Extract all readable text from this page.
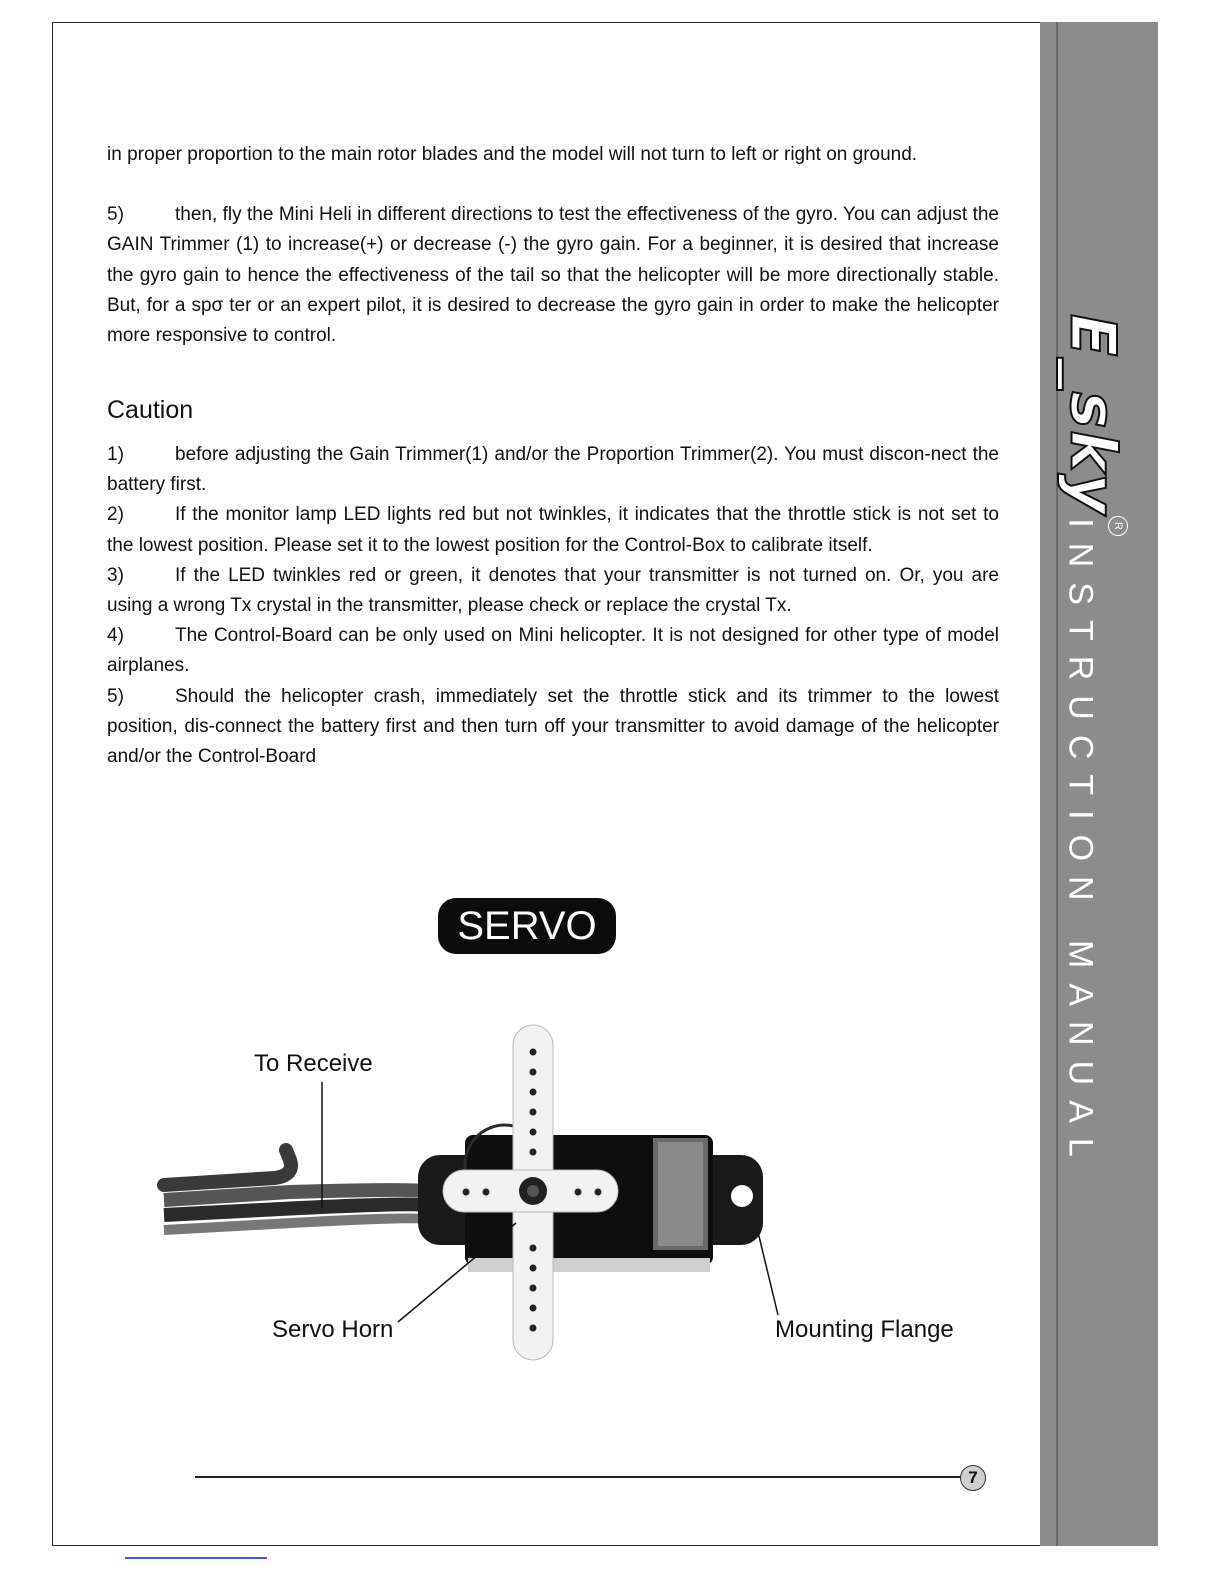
E_sky
R
INSTRUCTION MANUAL

in proper proportion to the main rotor blades and the model will not turn to left or right on ground.

5)	then, fly the Mini Heli in different directions to test the effectiveness of the gyro. You can adjust the GAIN Trimmer (1) to increase(+) or decrease (-) the gyro gain. For a beginner, it is desired that increase the gyro gain to hence the effectiveness of the tail so that the helicopter will be more directionally stable. But, for a spσ ter or an expert pilot, it is desired to decrease the gyro gain in order to make the helicopter more responsive to control.

Caution

1)	before adjusting the Gain Trimmer(1) and/or the Proportion Trimmer(2). You must discon-nect the battery first.

2)	If the monitor lamp LED lights red but not twinkles, it indicates that the throttle stick is not set to the lowest position. Please set it to the lowest position for the Control-Box to calibrate itself.

3)	If the LED twinkles red or green, it denotes that your transmitter is not turned on. Or, you are using a wrong Tx crystal in the transmitter, please check or replace the crystal Tx.

4)	The Control-Board can be only used on Mini helicopter. It is not designed for other type of model airplanes.

5)	Should the helicopter crash, immediately set the throttle stick and its trimmer to the lowest position, dis-connect the battery first and then turn off your transmitter to avoid damage of the helicopter and/or the Control-Board

SERVO
To Receive
Servo Horn	Mounting Flange
7
